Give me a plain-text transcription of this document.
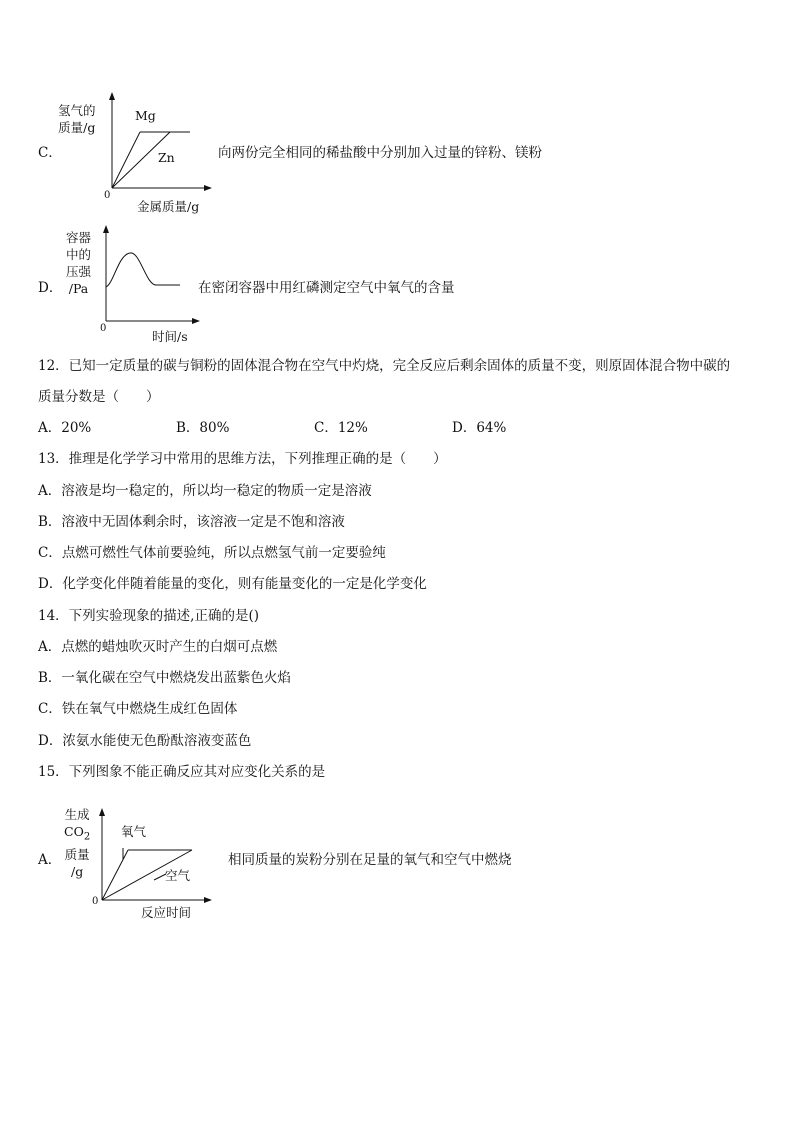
C．
氢气的
质量/g
Mg
Zn
0
金属质量/g
向两份完全相同的稀盐酸中分别加入过量的锌粉、镁粉
D．
容器
中的
压强
/Pa
0
时间/s
在密闭容器中用红磷测定空气中氧气的含量
12．已知一定质量的碳与铜粉的固体混合物在空气中灼烧，完全反应后剩余固体的质量不变，则原固体混合物中碳的
质量分数是（　　）
A．20%	B．80%	C．12%	D．64%
13．推理是化学学习中常用的思维方法，下列推理正确的是（　　）
A．溶液是均一稳定的，所以均一稳定的物质一定是溶液
B．溶液中无固体剩余时，该溶液一定是不饱和溶液
C．点燃可燃性气体前要验纯，所以点燃氢气前一定要验纯
D．化学变化伴随着能量的变化，则有能量变化的一定是化学变化
14．下列实验现象的描述,正确的是()
A．点燃的蜡烛吹灭时产生的白烟可点燃
B．一氧化碳在空气中燃烧发出蓝紫色火焰
C．铁在氧气中燃烧生成红色固体
D．浓氨水能使无色酚酞溶液变蓝色
15．下列图象不能正确反应其对应变化关系的是
A．
生成
$CO_2$
质量
/g
氧气
空气
0
反应时间
相同质量的炭粉分别在足量的氧气和空气中燃烧
